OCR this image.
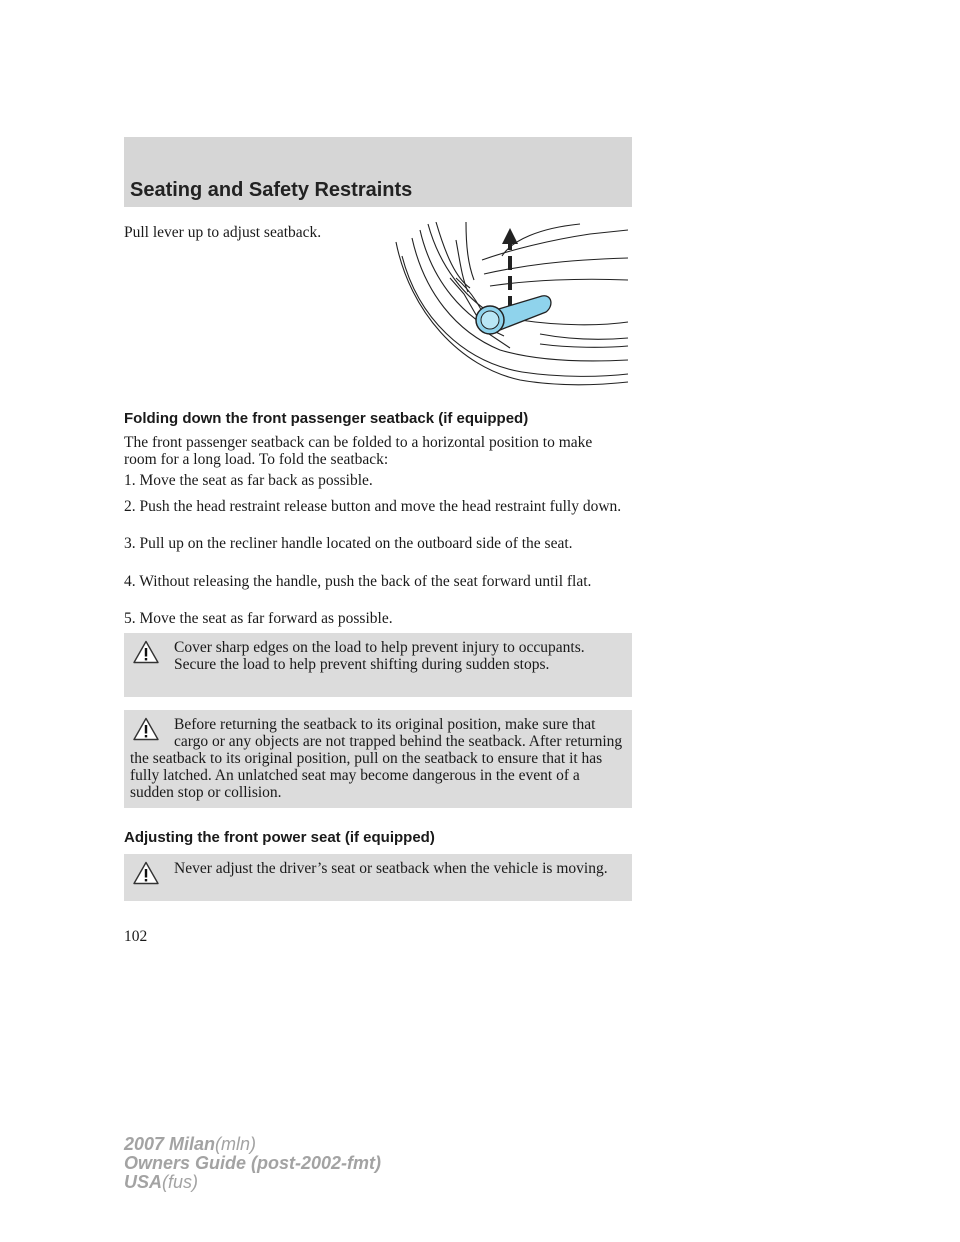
Seating and Safety Restraints

Pull lever up to adjust seatback.

Folding down the front passenger seatback (if equipped)

The front passenger seatback can be folded to a horizontal position to make room for a long load. To fold the seatback:

1. Move the seat as far back as possible.

2. Push the head restraint release button and move the head restraint fully down.

3. Pull up on the recliner handle located on the outboard side of the seat.

4. Without releasing the handle, push the back of the seat forward until flat.

5. Move the seat as far forward as possible.

Cover sharp edges on the load to help prevent injury to occupants. Secure the load to help prevent shifting during sudden stops.

Before returning the seatback to its original position, make sure that cargo or any objects are not trapped behind the seatback. After returning the seatback to its original position, pull on the seatback to ensure that it has fully latched. An unlatched seat may become dangerous in the event of a sudden stop or collision.

Adjusting the front power seat (if equipped)

Never adjust the driver’s seat or seatback when the vehicle is moving.

102

2007 Milan(mln)
Owners Guide (post-2002-fmt)
USA(fus)
